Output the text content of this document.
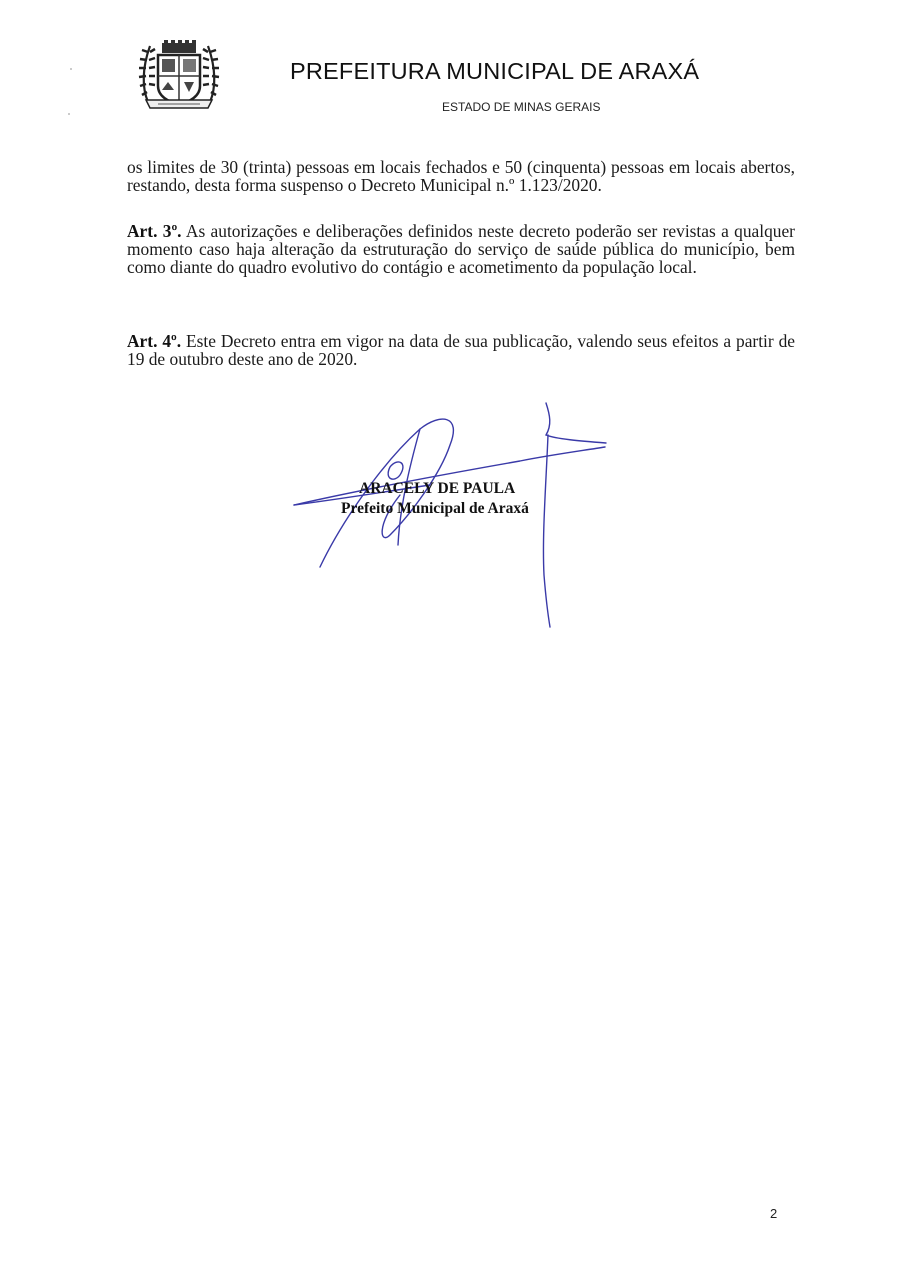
PREFEITURA MUNICIPAL DE ARAXÁ
ESTADO DE MINAS GERAIS
os limites de 30 (trinta) pessoas em locais fechados e 50 (cinquenta) pessoas em locais abertos, restando, desta forma suspenso o Decreto Municipal n.º 1.123/2020.
Art. 3º. As autorizações e deliberações definidos neste decreto poderão ser revistas a qualquer momento caso haja alteração da estruturação do serviço de saúde pública do município, bem como diante do quadro evolutivo do contágio e acometimento da população local.
Art. 4º. Este Decreto entra em vigor na data de sua publicação, valendo seus efeitos a partir de 19 de outubro deste ano de 2020.
ARACELY DE PAULA
Prefeito Municipal de Araxá
2
